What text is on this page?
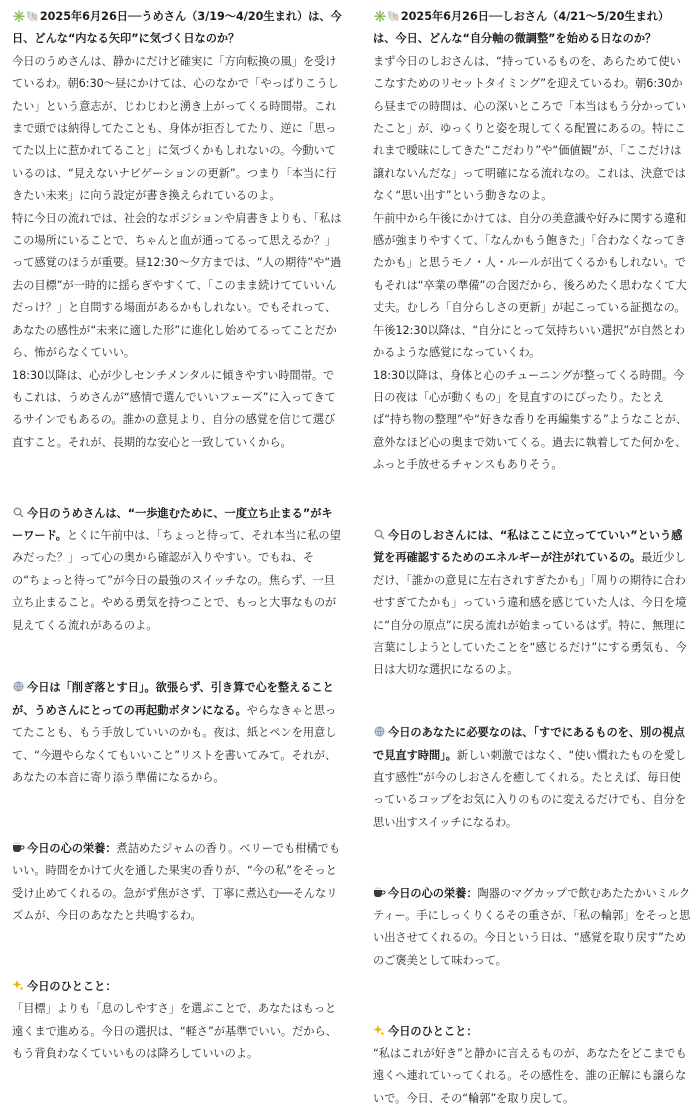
✳️🐚2025年6月26日──うめさん（3/19〜4/20生まれ）は、今日、どんな“内なる矢印”に気づく日なのか？

今日のうめさんは、静かにだけど確実に「方向転換の風」を受けているわ。朝6:30〜昼にかけては、心のなかで「やっぱりこうしたい」という意志が、じわじわと湧き上がってくる時間帯。これまで頭では納得してたことも、身体が拒否してたり、逆に「思ってた以上に惹かれてること」に気づくかもしれないの。今動いているのは、“見えないナビゲーションの更新”。つまり「本当に行きたい未来」に向う設定が書き換えられているのよ。

特に今日の流れでは、社会的なポジションや肩書きよりも、「私はこの場所にいることで、ちゃんと血が通ってるって思えるか？」って感覚のほうが重要。昼12:30〜夕方までは、“人の期待”や“過去の目標”が一時的に揺らぎやすくて、「このまま続けてていいんだっけ？」と自問する場面があるかもしれない。でもそれって、あなたの感性が“未来に適した形”に進化し始めてるってことだから、怖がらなくていい。

18:30以降は、心が少しセンチメンタルに傾きやすい時間帯。でもこれは、うめさんが“感情で選んでいいフェーズ”に入ってきてるサインでもあるの。誰かの意見より、自分の感覚を信じて選び直すこと。それが、長期的な安心と一致していくから。

今日のうめさんは、“一歩進むために、一度立ち止まる”がキーワード。とくに午前中は、「ちょっと待って、それ本当に私の望みだった？」って心の奥から確認が入りやすい。でもね、その“ちょっと待って”が今日の最強のスイッチなの。焦らず、一旦立ち止まること。やめる勇気を持つことで、もっと大事なものが見えてくる流れがあるのよ。

今日は「削ぎ落とす日」。欲張らず、引き算で心を整えることが、うめさんにとっての再起動ボタンになる。やらなきゃと思ってたことも、もう手放していいのかも。夜は、紙とペンを用意して、“今週やらなくてもいいこと”リストを書いてみて。それが、あなたの本音に寄り添う準備になるから。

今日の心の栄養：煮詰めたジャムの香り。ベリーでも柑橘でもいい。時間をかけて火を通した果実の香りが、“今の私”をそっと受け止めてくれるの。急がず焦がさず、丁寧に煮込む──そんなリズムが、今日のあなたと共鳴するわ。

今日のひとこと：

「目標」よりも「息のしやすさ」を選ぶことで、あなたはもっと遠くまで進める。今日の選択は、“軽さ”が基準でいい。だから、もう背負わなくていいものは降ろしていいのよ。

✳️🐚2025年6月26日──しおさん（4/21〜5/20生まれ）は、今日、どんな“自分軸の微調整”を始める日なのか？

まず今日のしおさんは、“持っているものを、あらためて使いこなすためのリセットタイミング”を迎えているわ。朝6:30から昼までの時間は、心の深いところで「本当はもう分かっていたこと」が、ゆっくりと姿を現してくる配置にあるの。特にこれまで曖昧にしてきた“こだわり”や“価値観”が、「ここだけは譲れないんだな」って明確になる流れなの。これは、決意ではなく“思い出す”という動きなのよ。

午前中から午後にかけては、自分の美意識や好みに関する違和感が強まりやすくて、「なんかもう飽きた」「合わなくなってきたかも」と思うモノ・人・ルールが出てくるかもしれない。でもそれは“卒業の準備”の合図だから、後ろめたく思わなくて大丈夫。むしろ「自分らしさの更新」が起こっている証拠なの。午後12:30以降は、“自分にとって気持ちいい選択”が自然とわかるような感覚になっていくわ。

18:30以降は、身体と心のチューニングが整ってくる時間。今日の夜は「心が動くもの」を見直すのにぴったり。たとえば“持ち物の整理”や“好きな香りを再編集する”ようなことが、意外なほど心の奥まで効いてくる。過去に執着してた何かを、ふっと手放せるチャンスもありそう。

今日のしおさんには、“私はここに立ってていい”という感覚を再確認するためのエネルギーが注がれているの。最近少しだけ、「誰かの意見に左右されすぎたかも」「周りの期待に合わせすぎてたかも」っていう違和感を感じていた人は、今日を境に“自分の原点”に戻る流れが始まっているはず。特に、無理に言葉にしようとしていたことを“感じるだけ”にする勇気も、今日は大切な選択になるのよ。

今日のあなたに必要なのは、「すでにあるものを、別の視点で見直す時間」。新しい刺激ではなく、“使い慣れたものを愛し直す感性”が今のしおさんを癒してくれる。たとえば、毎日使っているコップをお気に入りのものに変えるだけでも、自分を思い出すスイッチになるわ。

今日の心の栄養：陶器のマグカップで飲むあたたかいミルクティー。手にしっくりくるその重さが、「私の輪郭」をそっと思い出させてくれるの。今日という日は、“感覚を取り戻す”ためのご褒美として味わって。

今日のひとこと：

“私はこれが好き”と静かに言えるものが、あなたをどこまでも遠くへ連れていってくれる。その感性を、誰の正解にも譲らないで。今日、その“輪郭”を取り戻して。
